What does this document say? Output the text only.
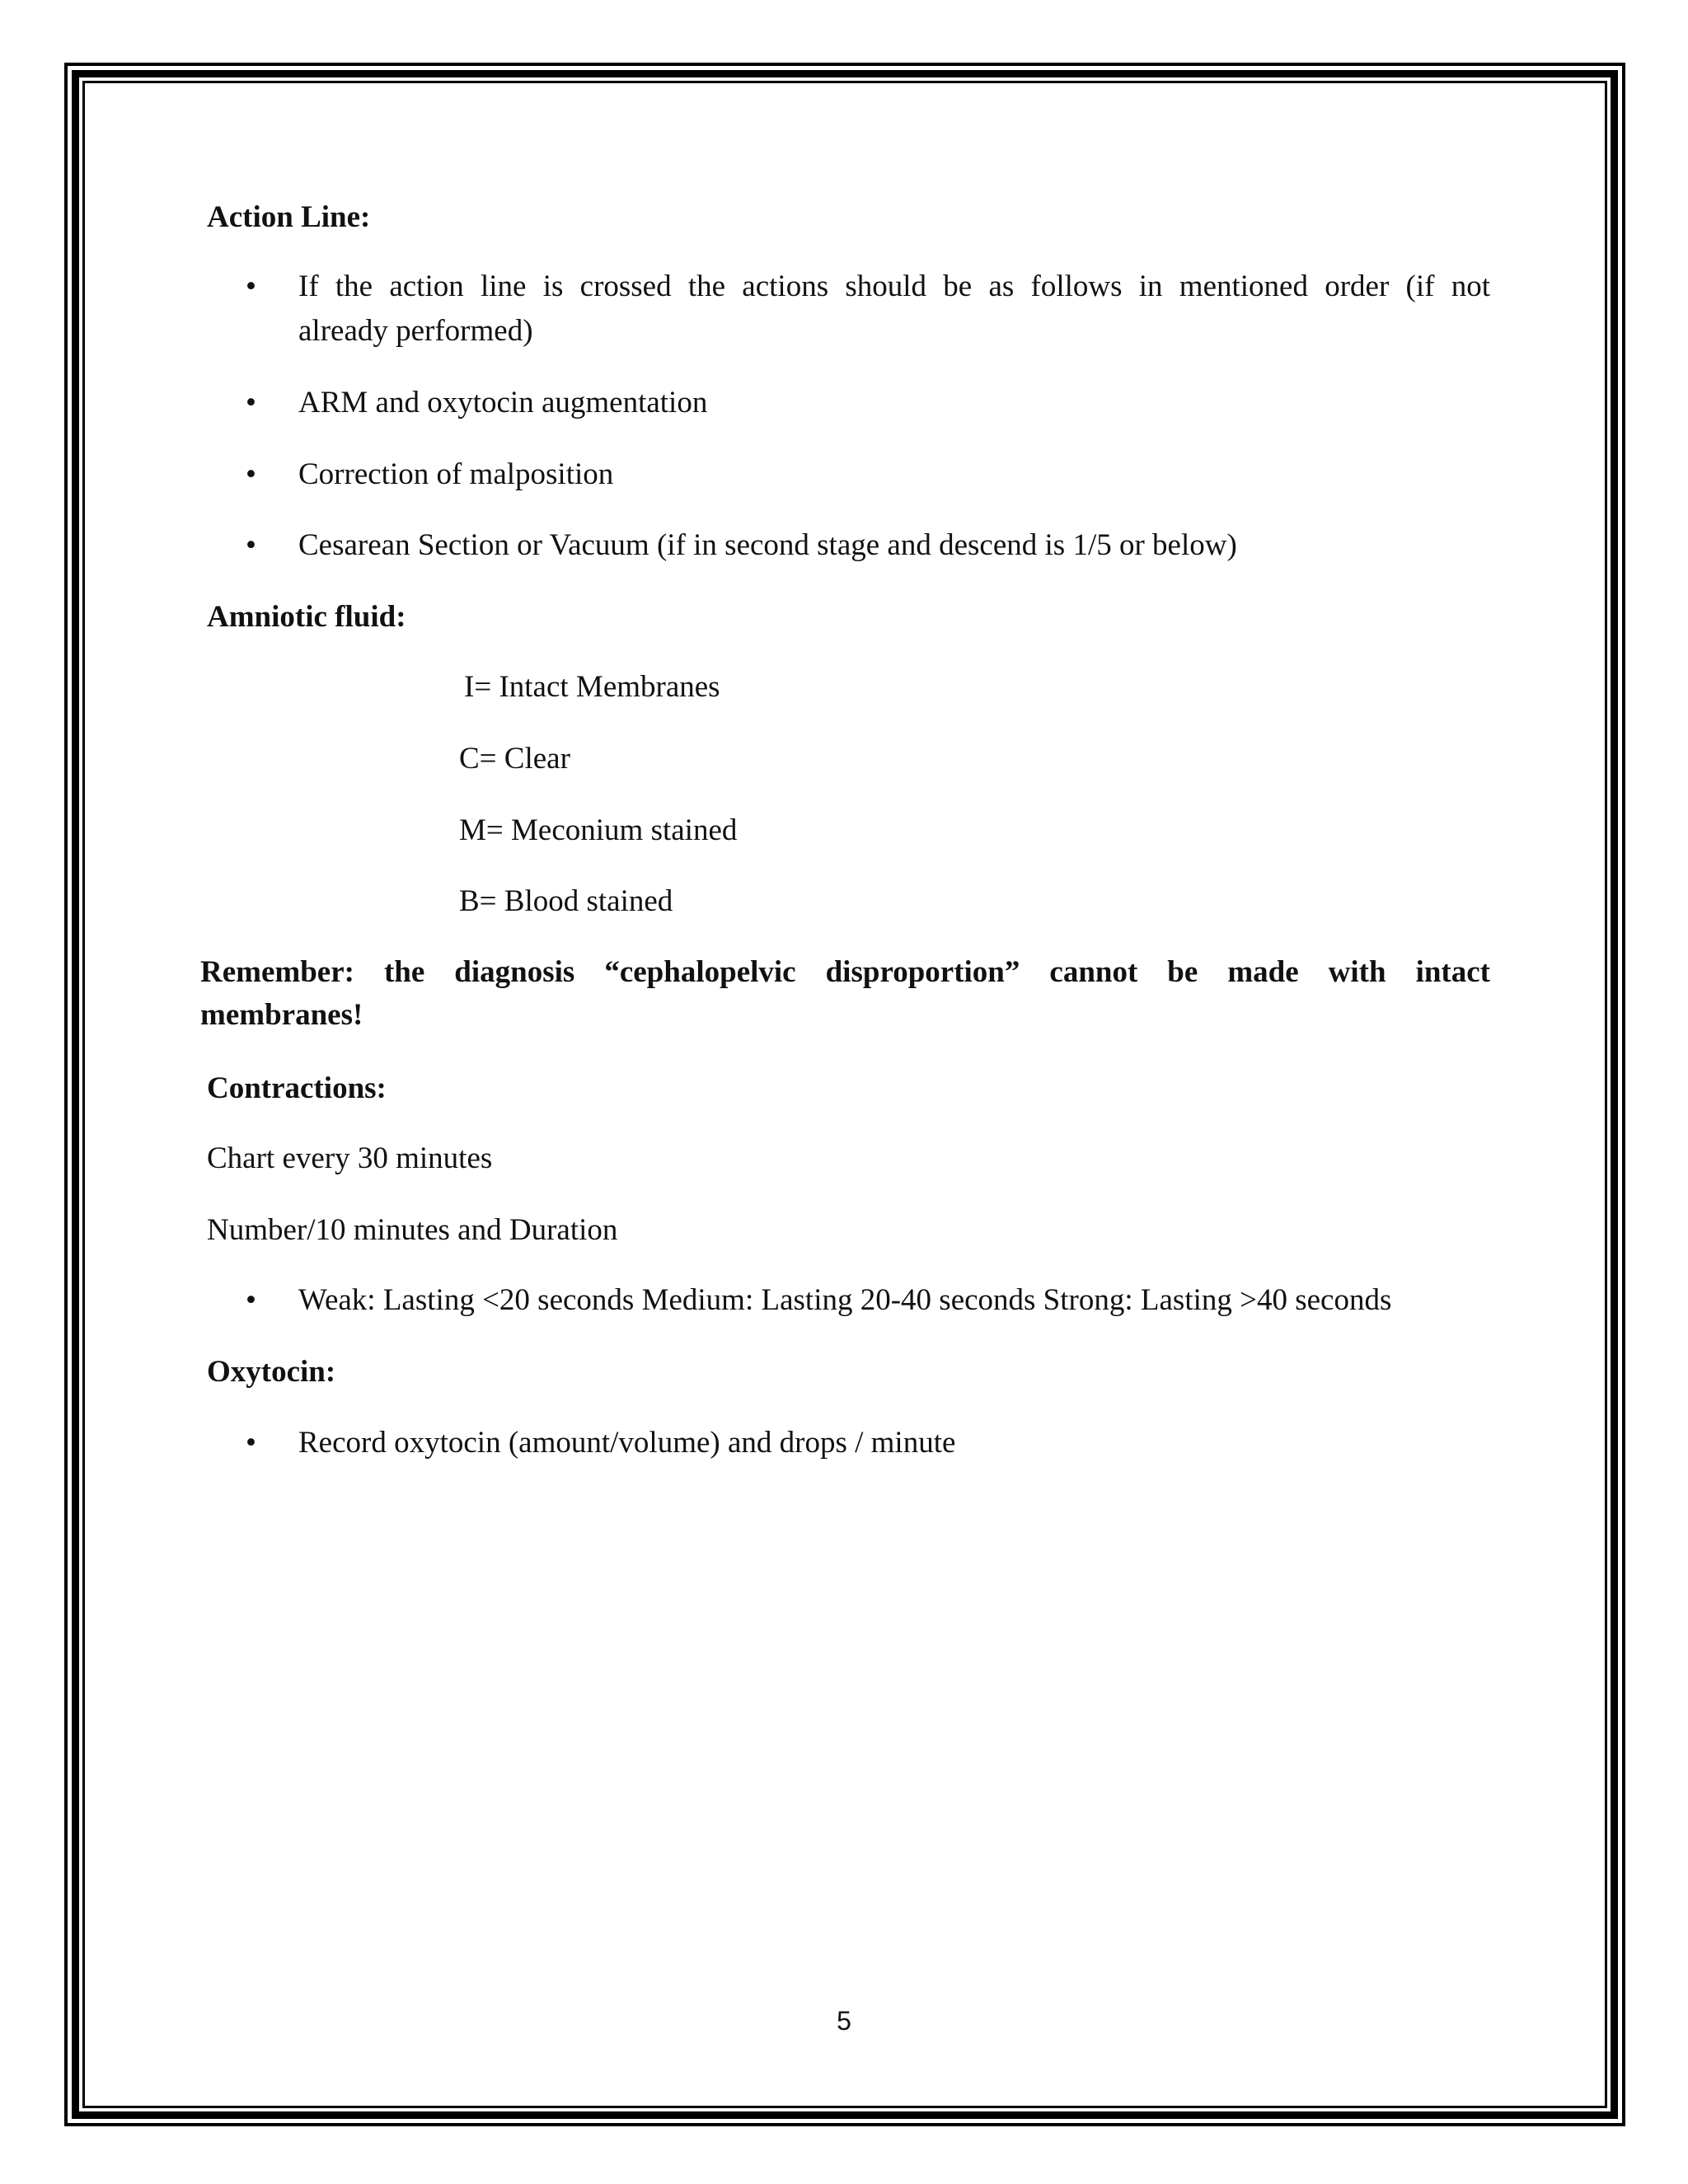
Action Line:
• If the action line is crossed the actions should be as follows in mentioned order (if not
already performed)
• ARM and oxytocin augmentation
• Correction of malposition
• Cesarean Section or Vacuum (if in second stage and descend is 1/5 or below)
Amniotic fluid:
I= Intact Membranes
C= Clear
M= Meconium stained
B= Blood stained
Remember: the diagnosis “cephalopelvic disproportion” cannot be made with intact
membranes!
Contractions:
Chart every 30 minutes
Number/10 minutes and Duration
• Weak: Lasting <20 seconds Medium: Lasting 20-40 seconds Strong: Lasting >40 seconds
Oxytocin:
• Record oxytocin (amount/volume) and drops / minute
5
